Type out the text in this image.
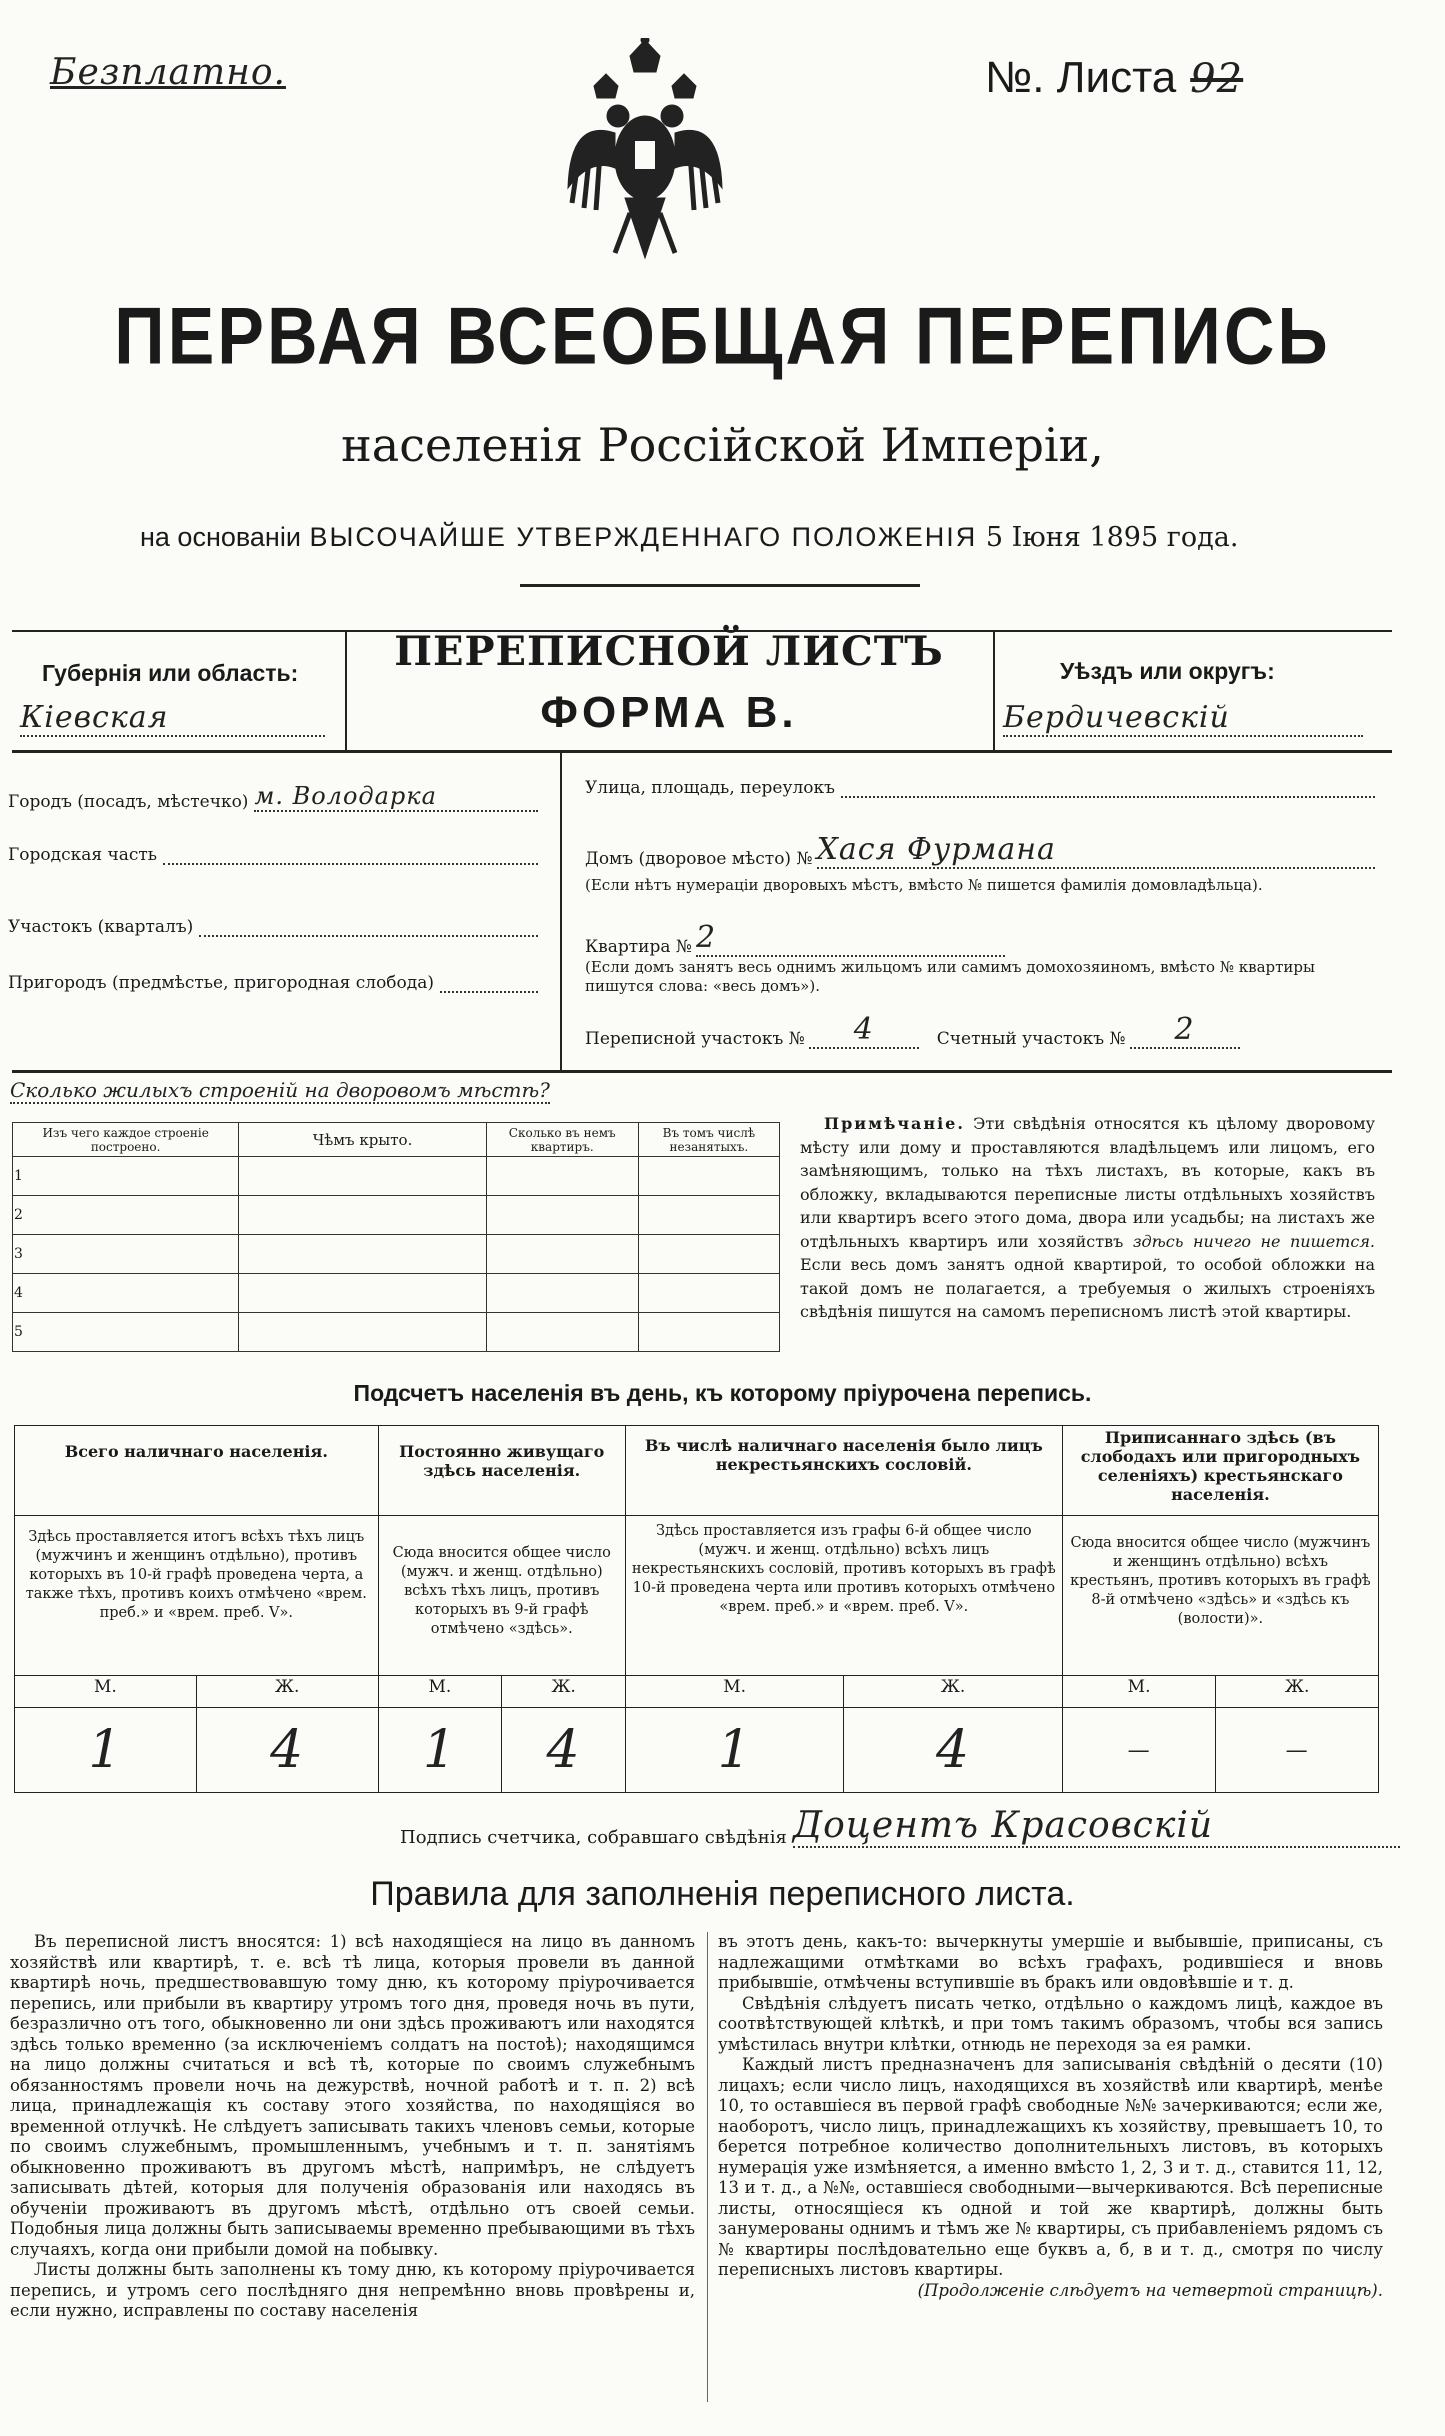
Безплатно.	№. Листа 92
ПЕРВАЯ ВСЕОБЩАЯ ПЕРЕПИСЬ
населенія Россійской Имперіи,
на основаніи ВЫСОЧАЙШЕ УТВЕРЖДЕННАГО ПОЛОЖЕНІЯ 5 Іюня 1895 года.
Губернія или область:
Кіевская
ПЕРЕПИСНОЙ ЛИСТЪ
ФОРМА В.
Уѣздъ или округъ:
Бердичевскій
Городъ (посадъ, мѣстечко) м. Володарка
Городская часть
Участокъ (кварталъ)
Пригородъ (предмѣстье, пригородная слобода)
Улица, площадь, переулокъ
Домъ (дворовое мѣсто) № Хася Фурмана
(Если нѣтъ нумераціи дворовыхъ мѣстъ, вмѣсто № пишется фамилія домовладѣльца).
Квартира № 2
(Если домъ занятъ весь однимъ жильцомъ или самимъ домохозяиномъ, вмѣсто № квартиры пишутся слова: «весь домъ»).
Переписной участокъ №	4	Счетный участокъ №	2
Сколько жилыхъ строеній на дворовомъ мѣстѣ?
Изъ чего каждое строеніе построено.	Чѣмъ крыто.	Сколько въ немъ квартиръ.	Въ томъ числѣ незанятыхъ.
1			
2			
3			
4			
5			
Примѣчаніе. Эти свѣдѣнія относятся къ цѣлому дворовому мѣсту или дому и проставляются владѣльцемъ или лицомъ, его замѣняющимъ, только на тѣхъ листахъ, въ которые, какъ въ обложку, вкладываются переписные листы отдѣльныхъ хозяйствъ или квартиръ всего этого дома, двора или усадьбы; на листахъ же отдѣльныхъ квартиръ или хозяйствъ здѣсь ничего не пишется. Если весь домъ занятъ одной квартирой, то особой обложки на такой домъ не полагается, а требуемыя о жилыхъ строеніяхъ свѣдѣнія пишутся на самомъ переписномъ листѣ этой квартиры.
Подсчетъ населенія въ день, къ которому пріурочена перепись.
Всего наличнаго населенія.		Постоянно живущаго здѣсь населенія.		Въ числѣ наличнаго населенія было лицъ некрестьянскихъ сословій.		Приписаннаго здѣсь (въ слободахъ или пригородныхъ селеніяхъ) крестьянскаго населенія.	
Здѣсь проставляется итогъ всѣхъ тѣхъ лицъ (мужчинъ и женщинъ отдѣльно), противъ которыхъ въ 10-й графѣ проведена черта, а также тѣхъ, противъ коихъ отмѣчено «врем. преб.» и «врем. преб. V».		Сюда вносится общее число (мужч. и женщ. отдѣльно) всѣхъ тѣхъ лицъ, противъ которыхъ въ 9-й графѣ отмѣчено «здѣсь».		Здѣсь проставляется изъ графы 6-й общее число (мужч. и женщ. отдѣльно) всѣхъ лицъ некрестьянскихъ сословій, противъ которыхъ въ графѣ 10-й проведена черта или противъ которыхъ отмѣчено «врем. преб.» и «врем. преб. V».		Сюда вносится общее число (мужчинъ и женщинъ отдѣльно) всѣхъ крестьянъ, противъ которыхъ въ графѣ 8-й отмѣчено «здѣсь» и «здѣсь къ (волости)».	
М.	Ж.	М.	Ж.	М.	Ж.	М.	Ж.
1	4	1	4	1	4	—	—
Подпись счетчика, собравшаго свѣдѣнія Доцентъ Красовскій
Правила для заполненія переписного листа.

Въ переписной листъ вносятся: 1) всѣ находящіеся на лицо въ данномъ хозяйствѣ или квартирѣ, т. е. всѣ тѣ лица, которыя провели въ данной квартирѣ ночь, предшествовавшую тому дню, къ которому пріурочивается перепись, или прибыли въ квартиру утромъ того дня, проведя ночь въ пути, безразлично отъ того, обыкновенно ли они здѣсь проживаютъ или находятся здѣсь только временно (за исключеніемъ солдатъ на постоѣ); находящимся на лицо должны считаться и всѣ тѣ, которые по своимъ служебнымъ обязанностямъ провели ночь на дежурствѣ, ночной работѣ и т. п. 2) всѣ лица, принадлежащія къ составу этого хозяйства, по находящіяся во временной отлучкѣ. Не слѣдуетъ записывать такихъ членовъ семьи, которые по своимъ служебнымъ, промышленнымъ, учебнымъ и т. п. занятіямъ обыкновенно проживаютъ въ другомъ мѣстѣ, напримѣръ, не слѣдуетъ записывать дѣтей, которыя для полученія образованія или находясь въ обученіи проживаютъ въ другомъ мѣстѣ, отдѣльно отъ своей семьи. Подобныя лица должны быть записываемы временно пребывающими въ тѣхъ случаяхъ, когда они прибыли домой на побывку.

Листы должны быть заполнены къ тому дню, къ которому пріурочивается перепись, и утромъ сего послѣдняго дня непремѣнно вновь провѣрены и, если нужно, исправлены по составу населенія

въ этотъ день, какъ-то: вычеркнуты умершіе и выбывшіе, приписаны, съ надлежащими отмѣтками во всѣхъ графахъ, родившіеся и вновь прибывшіе, отмѣчены вступившіе въ бракъ или овдовѣвшіе и т. д.

Свѣдѣнія слѣдуетъ писать четко, отдѣльно о каждомъ лицѣ, каждое въ соотвѣтствующей клѣткѣ, и при томъ такимъ образомъ, чтобы вся запись умѣстилась внутри клѣтки, отнюдь не переходя за ея рамки.

Каждый листъ предназначенъ для записыванія свѣдѣній о десяти (10) лицахъ; если число лицъ, находящихся въ хозяйствѣ или квартирѣ, менѣе 10, то оставшіеся въ первой графѣ свободные №№ зачеркиваются; если же, наоборотъ, число лицъ, принадлежащихъ къ хозяйству, превышаетъ 10, то берется потребное количество дополнительныхъ листовъ, въ которыхъ нумерація уже измѣняется, а именно вмѣсто 1, 2, 3 и т. д., ставится 11, 12, 13 и т. д., а №№, оставшіеся свободными—вычеркиваются. Всѣ переписные листы, относящіеся къ одной и той же квартирѣ, должны быть занумерованы однимъ и тѣмъ же № квартиры, съ прибавленіемъ рядомъ съ № квартиры послѣдовательно еще буквъ а, б, в и т. д., смотря по числу переписныхъ листовъ квартиры.

(Продолженіе слѣдуетъ на четвертой страницѣ).
